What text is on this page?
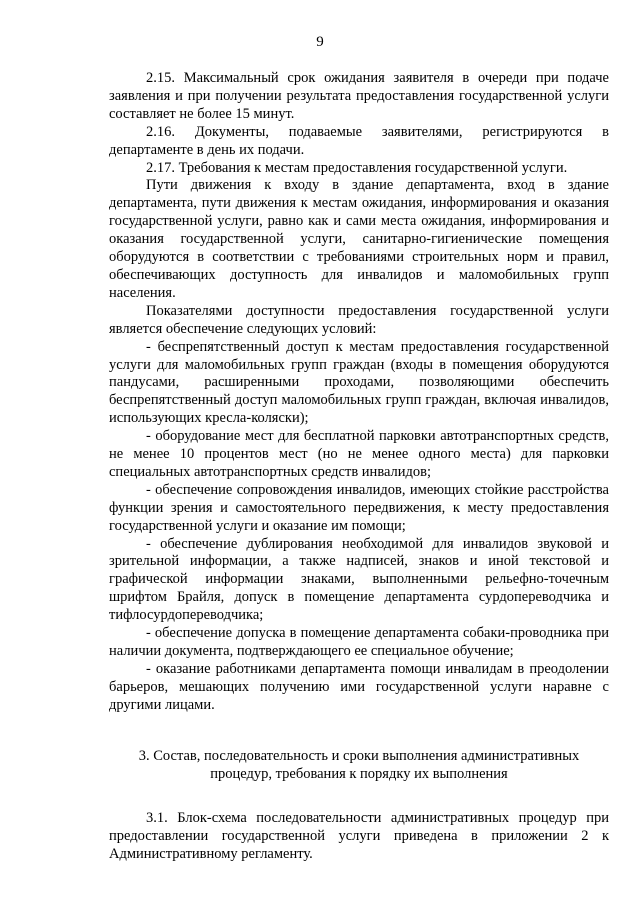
9

2.15. Максимальный срок ожидания заявителя в очереди при подаче заявления и при получении результата предоставления государственной услуги составляет не более 15 минут.

2.16. Документы, подаваемые заявителями, регистрируются в департаменте в день их подачи.

2.17. Требования к местам предоставления государственной услуги.

Пути движения к входу в здание департамента, вход в здание департамента, пути движения к местам ожидания, информирования и оказания государственной услуги, равно как и сами места ожидания, информирования и оказания государственной услуги, санитарно-гигиенические помещения оборудуются в соответствии с требованиями строительных норм и правил, обеспечивающих доступность для инвалидов и маломобильных групп населения.

Показателями доступности предоставления государственной услуги является обеспечение следующих условий:

- беспрепятственный доступ к местам предоставления государственной услуги для маломобильных групп граждан (входы в помещения оборудуются пандусами, расширенными проходами, позволяющими обеспечить беспрепятственный доступ маломобильных групп граждан, включая инвалидов, использующих кресла-коляски);

- оборудование мест для бесплатной парковки автотранспортных средств, не менее 10 процентов мест (но не менее одного места) для парковки специальных автотранспортных средств инвалидов;

- обеспечение сопровождения инвалидов, имеющих стойкие расстройства функции зрения и самостоятельного передвижения, к месту предоставления государственной услуги и оказание им помощи;

- обеспечение дублирования необходимой для инвалидов звуковой и зрительной информации, а также надписей, знаков и иной текстовой и графической информации знаками, выполненными рельефно-точечным шрифтом Брайля, допуск в помещение департамента сурдопереводчика и тифлосурдопереводчика;

- обеспечение допуска в помещение департамента собаки-проводника при наличии документа, подтверждающего ее специальное обучение;

- оказание работниками департамента помощи инвалидам в преодолении барьеров, мешающих получению ими государственной услуги наравне с другими лицами.

3. Состав, последовательность и сроки выполнения административных
процедур, требования к порядку их выполнения

3.1. Блок-схема последовательности административных процедур при предоставлении государственной услуги приведена в приложении 2 к Административному регламенту.
